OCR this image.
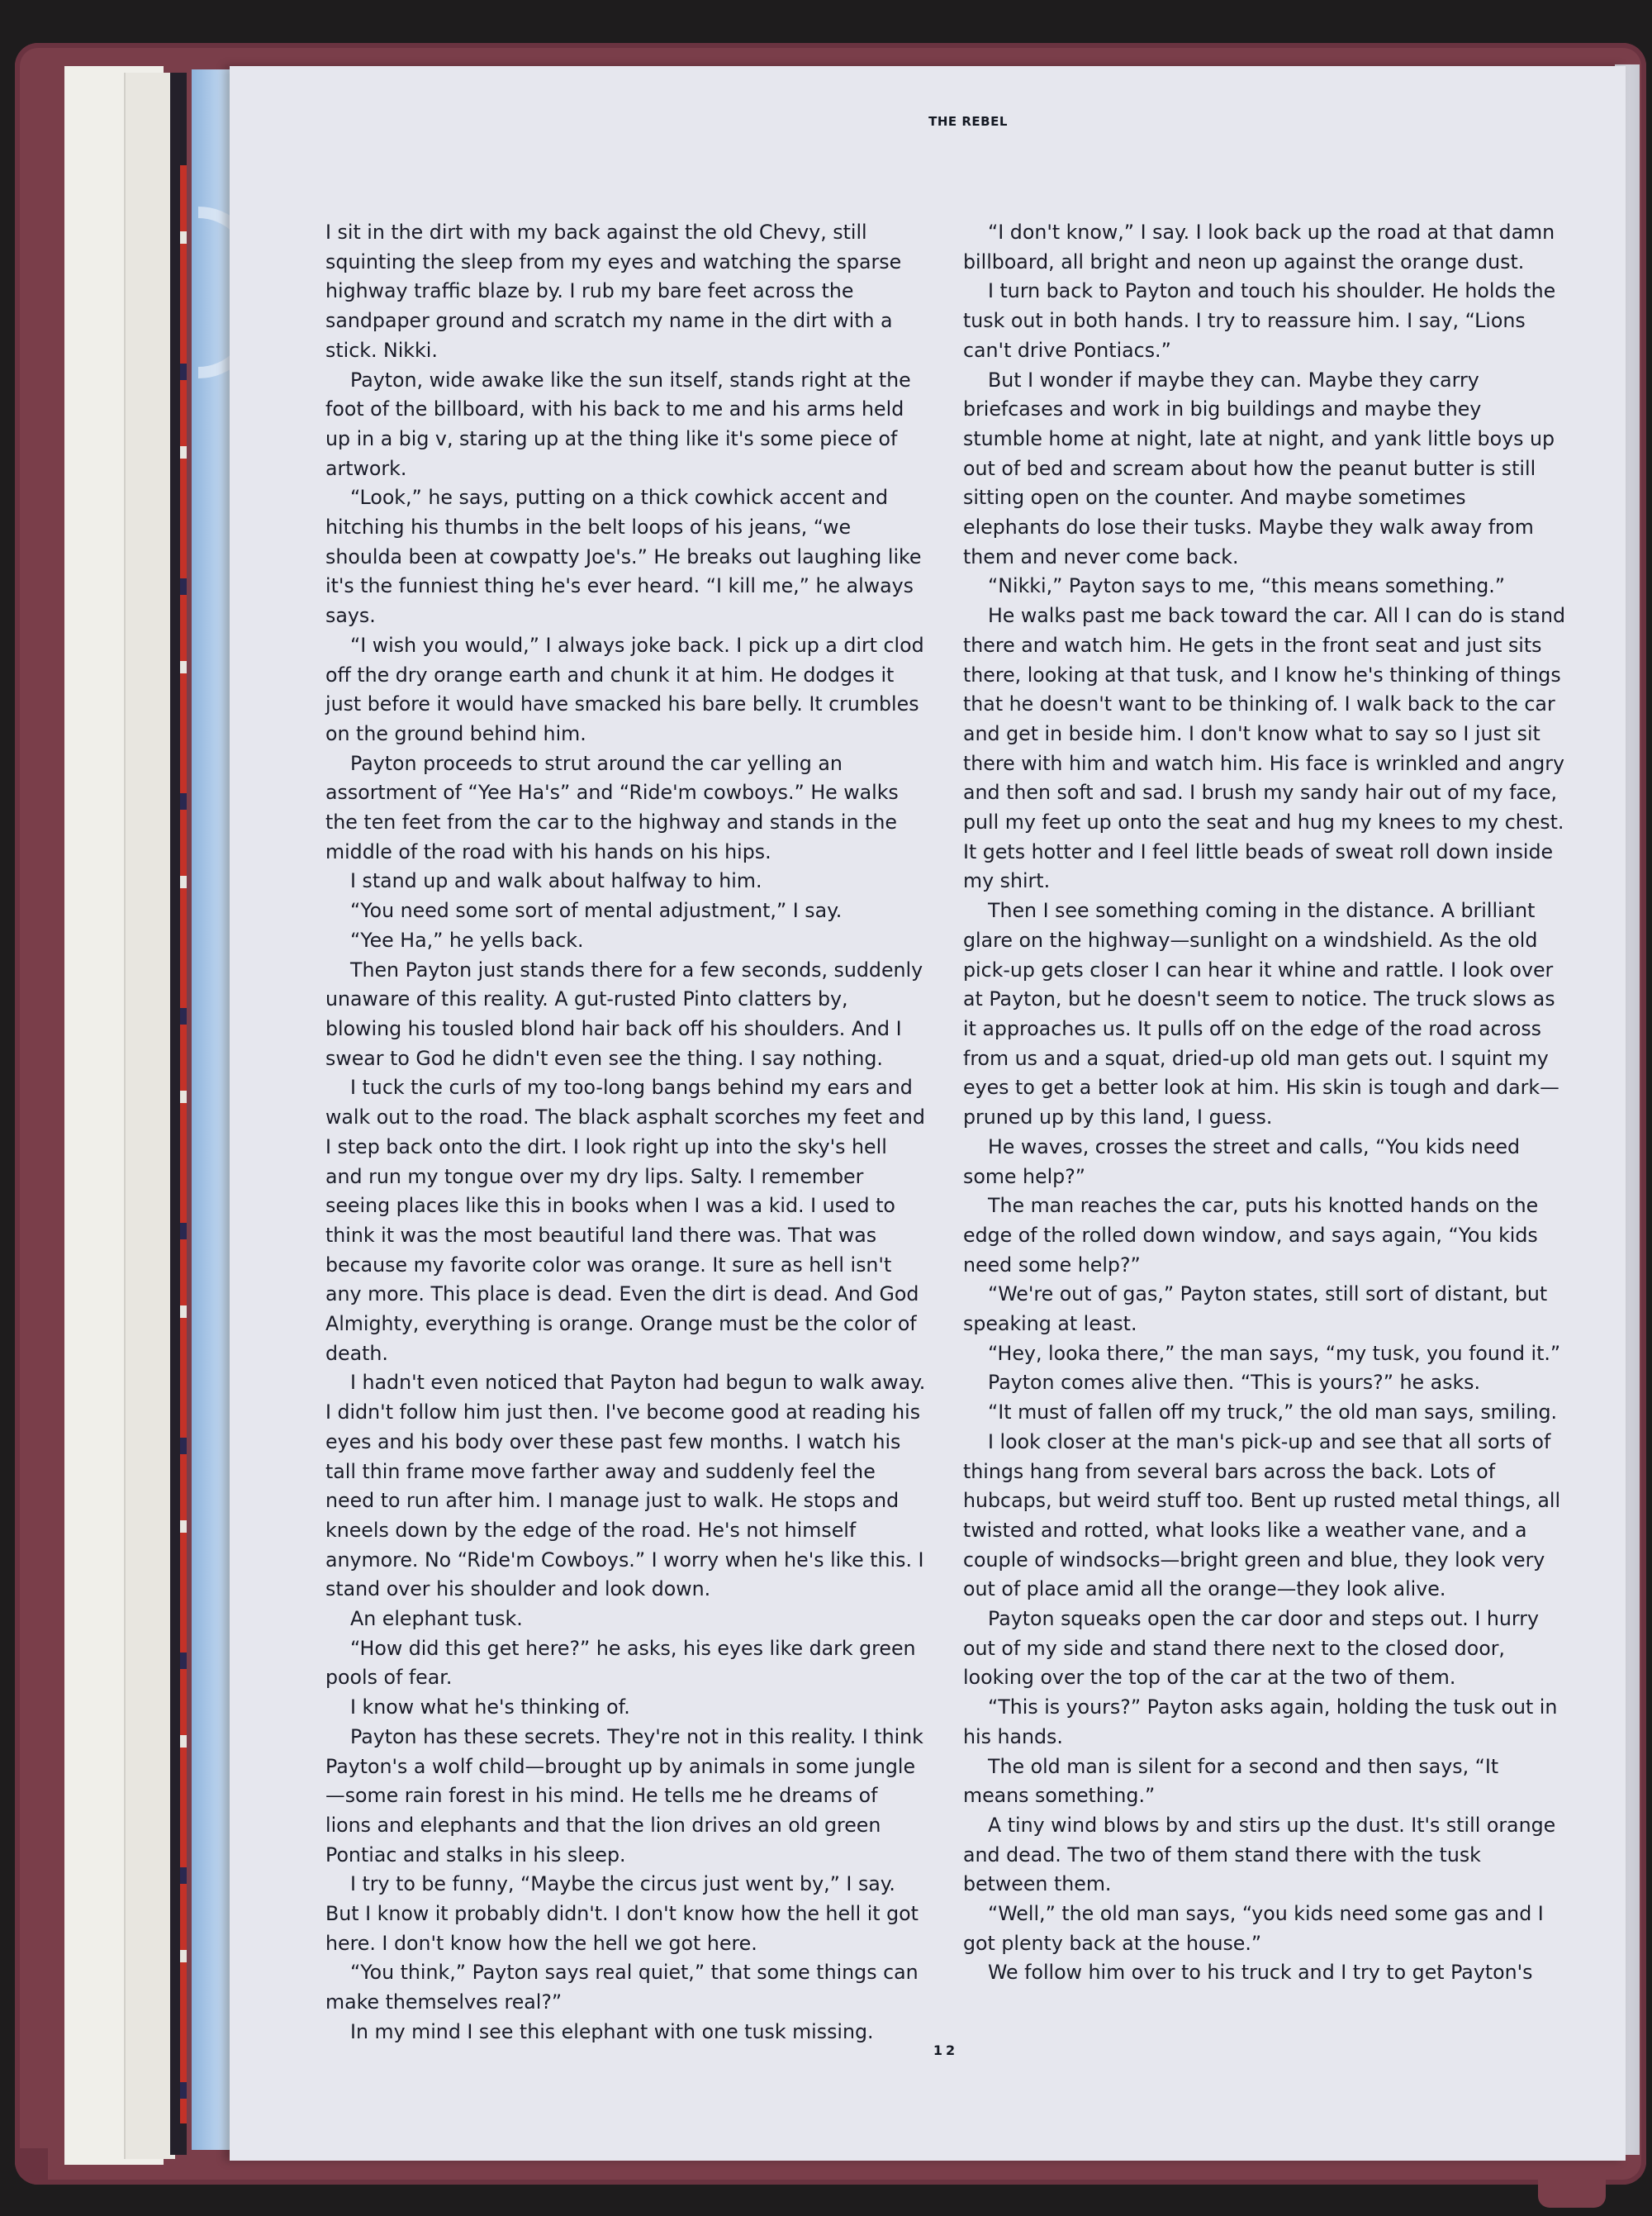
THE REBEL

I sit in the dirt with my back against the old Chevy, still squinting the sleep from my eyes and watching the sparse highway traffic blaze by. I rub my bare feet across the sandpaper ground and scratch my name in the dirt with a stick. Nikki.

Payton, wide awake like the sun itself, stands right at the foot of the billboard, with his back to me and his arms held up in a big v, staring up at the thing like it's some piece of artwork.

“Look,” he says, putting on a thick cowhick accent and hitching his thumbs in the belt loops of his jeans, “we shoulda been at cowpatty Joe's.” He breaks out laughing like it's the funniest thing he's ever heard. “I kill me,” he always says.

“I wish you would,” I always joke back. I pick up a dirt clod off the dry orange earth and chunk it at him. He dodges it just before it would have smacked his bare belly. It crumbles on the ground behind him.

Payton proceeds to strut around the car yelling an assortment of “Yee Ha's” and “Ride'm cowboys.” He walks the ten feet from the car to the highway and stands in the middle of the road with his hands on his hips.

I stand up and walk about halfway to him.

“You need some sort of mental adjustment,” I say.

“Yee Ha,” he yells back.

Then Payton just stands there for a few seconds, suddenly unaware of this reality. A gut-rusted Pinto clatters by, blowing his tousled blond hair back off his shoulders. And I swear to God he didn't even see the thing. I say nothing.

I tuck the curls of my too-long bangs behind my ears and walk out to the road. The black asphalt scorches my feet and I step back onto the dirt. I look right up into the sky's hell and run my tongue over my dry lips. Salty. I remember seeing places like this in books when I was a kid. I used to think it was the most beautiful land there was. That was because my favorite color was orange. It sure as hell isn't any more. This place is dead. Even the dirt is dead. And God Almighty, everything is orange. Orange must be the color of death.

I hadn't even noticed that Payton had begun to walk away. I didn't follow him just then. I've become good at reading his eyes and his body over these past few months. I watch his tall thin frame move farther away and suddenly feel the need to run after him. I manage just to walk. He stops and kneels down by the edge of the road. He's not himself anymore. No “Ride'm Cowboys.” I worry when he's like this. I stand over his shoulder and look down.

An elephant tusk.

“How did this get here?” he asks, his eyes like dark green pools of fear.

I know what he's thinking of.

Payton has these secrets. They're not in this reality. I think Payton's a wolf child—brought up by animals in some jungle—some rain forest in his mind. He tells me he dreams of lions and elephants and that the lion drives an old green Pontiac and stalks in his sleep.

I try to be funny, “Maybe the circus just went by,” I say. But I know it probably didn't. I don't know how the hell it got here. I don't know how the hell we got here.

“You think,” Payton says real quiet,” that some things can make themselves real?”

In my mind I see this elephant with one tusk missing.

“I don't know,” I say. I look back up the road at that damn billboard, all bright and neon up against the orange dust.

I turn back to Payton and touch his shoulder. He holds the tusk out in both hands. I try to reassure him. I say, “Lions can't drive Pontiacs.”

But I wonder if maybe they can. Maybe they carry briefcases and work in big buildings and maybe they stumble home at night, late at night, and yank little boys up out of bed and scream about how the peanut butter is still sitting open on the counter. And maybe sometimes elephants do lose their tusks. Maybe they walk away from them and never come back.

“Nikki,” Payton says to me, “this means something.”

He walks past me back toward the car. All I can do is stand there and watch him. He gets in the front seat and just sits there, looking at that tusk, and I know he's thinking of things that he doesn't want to be thinking of. I walk back to the car and get in beside him. I don't know what to say so I just sit there with him and watch him. His face is wrinkled and angry and then soft and sad. I brush my sandy hair out of my face, pull my feet up onto the seat and hug my knees to my chest. It gets hotter and I feel little beads of sweat roll down inside my shirt.

Then I see something coming in the distance. A brilliant glare on the highway—sunlight on a windshield. As the old pick-up gets closer I can hear it whine and rattle. I look over at Payton, but he doesn't seem to notice. The truck slows as it approaches us. It pulls off on the edge of the road across from us and a squat, dried-up old man gets out. I squint my eyes to get a better look at him. His skin is tough and dark—pruned up by this land, I guess.

He waves, crosses the street and calls, “You kids need some help?”

The man reaches the car, puts his knotted hands on the edge of the rolled down window, and says again, “You kids need some help?”

“We're out of gas,” Payton states, still sort of distant, but speaking at least.

“Hey, looka there,” the man says, “my tusk, you found it.”

Payton comes alive then. “This is yours?” he asks.

“It must of fallen off my truck,” the old man says, smiling.

I look closer at the man's pick-up and see that all sorts of things hang from several bars across the back. Lots of hubcaps, but weird stuff too. Bent up rusted metal things, all twisted and rotted, what looks like a weather vane, and a couple of windsocks—bright green and blue, they look very out of place amid all the orange—they look alive.

Payton squeaks open the car door and steps out. I hurry out of my side and stand there next to the closed door, looking over the top of the car at the two of them.

“This is yours?” Payton asks again, holding the tusk out in his hands.

The old man is silent for a second and then says, “It means something.”

A tiny wind blows by and stirs up the dust. It's still orange and dead. The two of them stand there with the tusk between them.

“Well,” the old man says, “you kids need some gas and I got plenty back at the house.”

We follow him over to his truck and I try to get Payton's

12
